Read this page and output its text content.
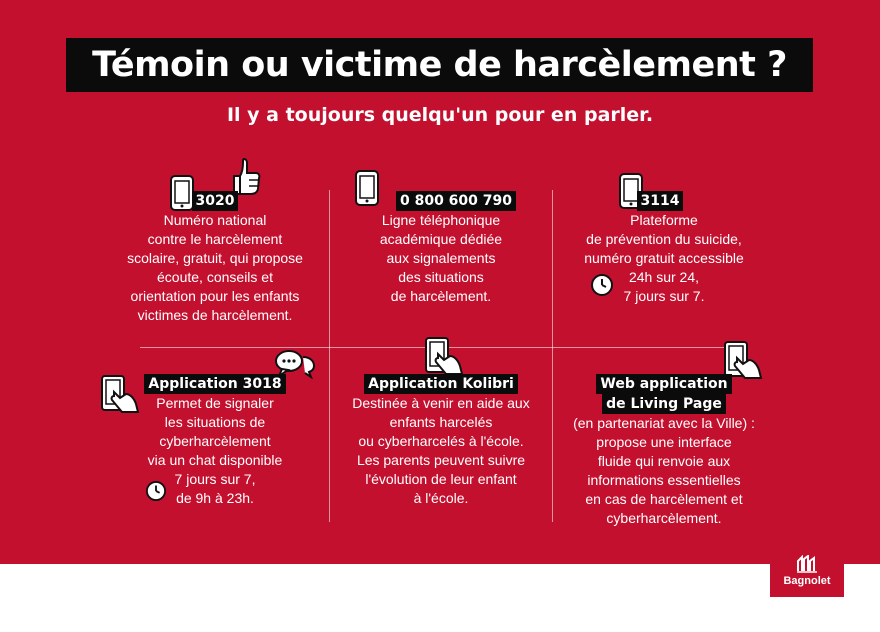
Témoin ou victime de harcèlement ?
Il y a toujours quelqu'un pour en parler.
3020
Numéro national
contre le harcèlement
scolaire, gratuit, qui propose
écoute, conseils et
orientation pour les enfants
victimes de harcèlement.
0 800 600 790
Ligne téléphonique
académique dédiée
aux signalements
des situations
de harcèlement.
3114
Plateforme
de prévention du suicide,
numéro gratuit accessible
24h sur 24,
7 jours sur 7.
Application 3018
Permet de signaler
les situations de
cyberharcèlement
via un chat disponible
7 jours sur 7,
de 9h à 23h.
Application Kolibri
Destinée à venir en aide aux
enfants harcelés
ou cyberharcelés à l'école.
Les parents peuvent suivre
l'évolution de leur enfant
à l'école.
Web application
de Living Page
(en partenariat avec la Ville) :
propose une interface
fluide qui renvoie aux
informations essentielles
en cas de harcèlement et
cyberharcèlement.
Bagnolet
